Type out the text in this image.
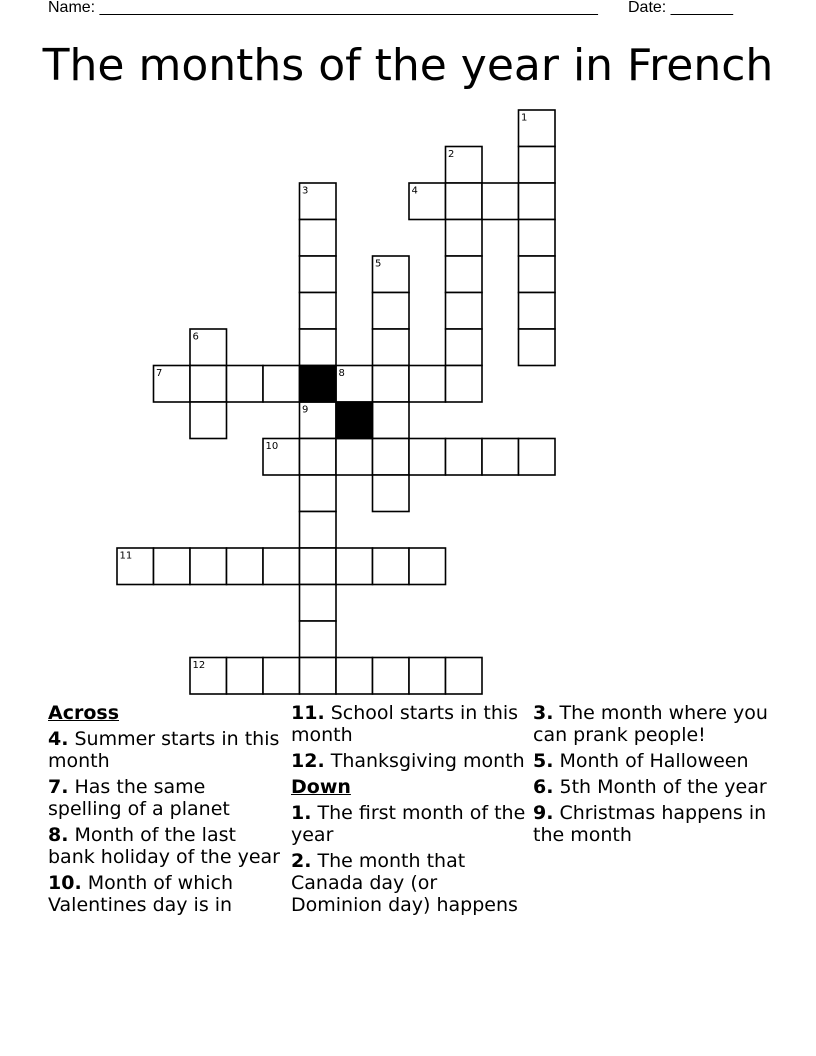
Name: ________________________________________________________ Date: _______
The months of the year in French
1
2
3	4
5
6
7	8
9
10
11
12
Across
4. Summer starts in this month
7. Has the same spelling of a planet
8. Month of the last bank holiday of the year
10. Month of which Valentines day is in
11. School starts in this month
12. Thanksgiving month
Down
1. The first month of the year
2. The month that Canada day (or Dominion day) happens
3. The month where you can prank people!
5. Month of Halloween
6. 5th Month of the year
9. Christmas happens in the month
